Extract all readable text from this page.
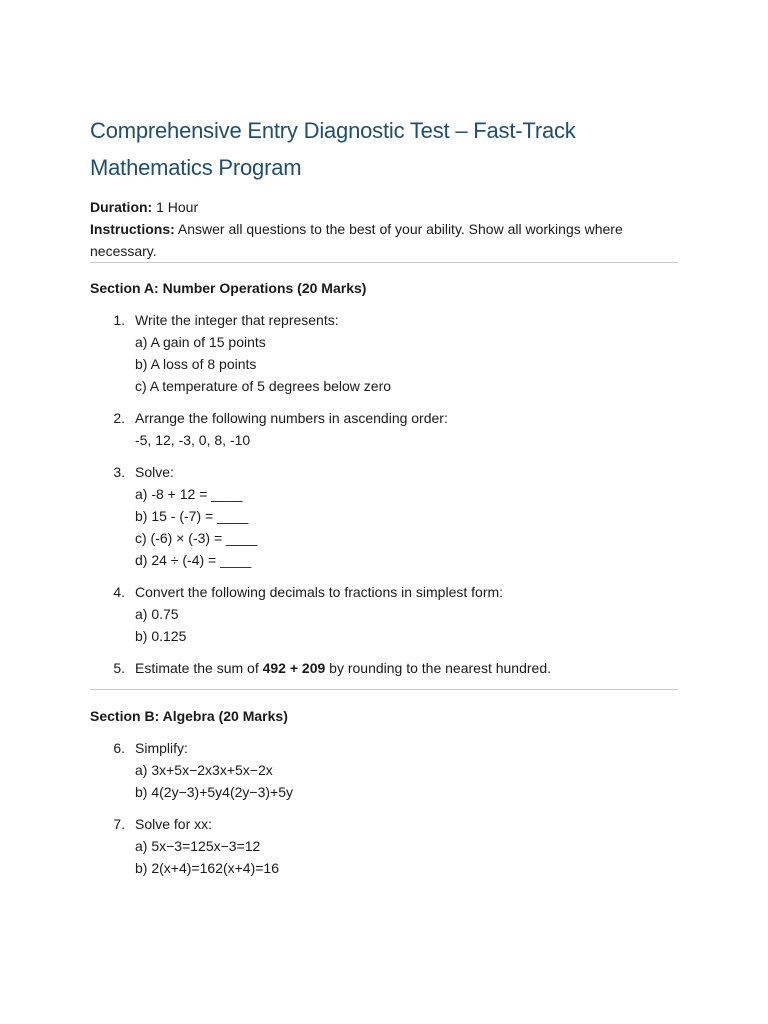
Comprehensive Entry Diagnostic Test – Fast-Track Mathematics Program

Duration: 1 Hour

Instructions: Answer all questions to the best of your ability. Show all workings where necessary.

Section A: Number Operations (20 Marks)
1. Write the integer that represents:
a) A gain of 15 points
b) A loss of 8 points
c) A temperature of 5 degrees below zero
2. Arrange the following numbers in ascending order:
-5, 12, -3, 0, 8, -10
3. Solve:
a) -8 + 12 = ____
b) 15 - (-7) = ____
c) (-6) × (-3) = ____
d) 24 ÷ (-4) = ____
4. Convert the following decimals to fractions in simplest form:
a) 0.75
b) 0.125
5. Estimate the sum of 492 + 209 by rounding to the nearest hundred.
Section B: Algebra (20 Marks)
6. Simplify:
a) 3x+5x−2x3x+5x−2x
b) 4(2y−3)+5y4(2y−3)+5y
7. Solve for xx:
a) 5x−3=125x−3=12
b) 2(x+4)=162(x+4)=16
